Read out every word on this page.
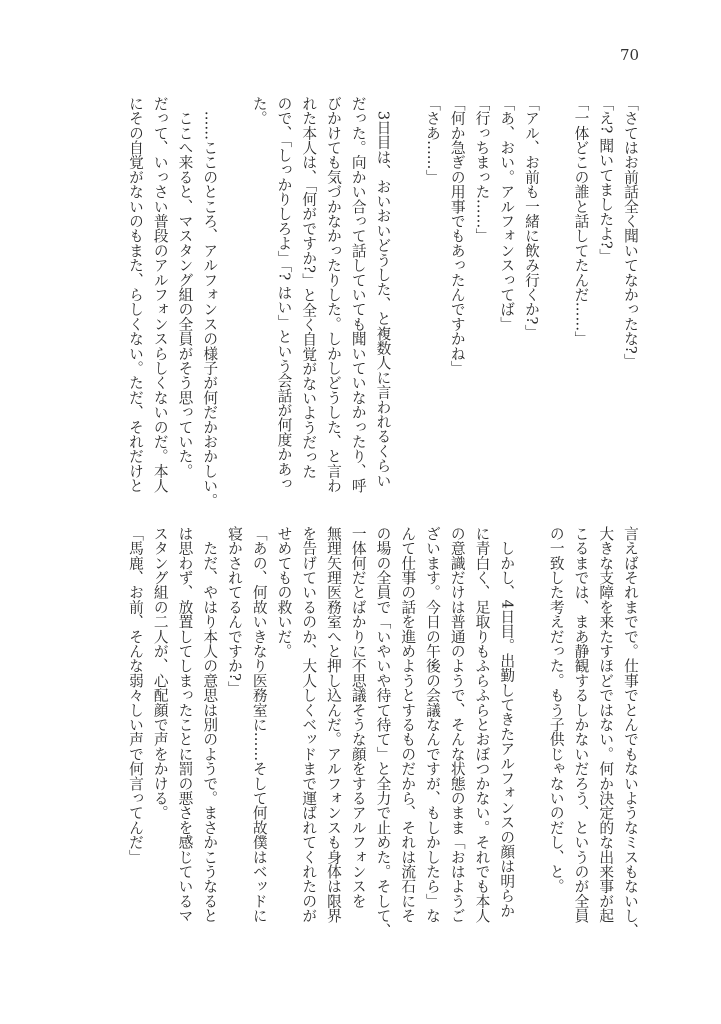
70
「さてはお前話全く聞いてなかったな?」
「え? 聞いてましたよ?」
「一体どこの誰と話してたんだ……」
「アル、お前も一緒に飲み行くか?」
「あ、おい。アルフォンスってば」
「行っちまった……」
「何か急ぎの用事でもあったんですかね」
「さあ……」
　3日目は、おいおいどうした、と複数人に言われるくらい
だった。向かい合って話していても聞いていなかったり、呼
びかけても気づかなかったりした。しかしどうした、と言わ
れた本人は、「何がですか?」と全く自覚がないようだった
ので、「しっかりしろよ」「? はい」という会話が何度かあっ
た。
　……ここのところ、アルフォンスの様子が何だかおかしい。
　ここへ来ると、マスタング組の全員がそう思っていた。
だって、いっさい普段のアルフォンスらしくないのだ。本人
にその自覚がないのもまた、らしくない。ただ、それだけと
言えばそれまでで。仕事でとんでもないようなミスもないし、
大きな支障を来たすほどではない。何か決定的な出来事が起
こるまでは、まあ静観するしかないだろう、というのが全員
の一致した考えだった。もう子供じゃないのだし、と。
　しかし、4日目。出勤してきたアルフォンスの顔は明らか
に青白く、足取りもふらふらとおぼつかない。それでも本人
の意識だけは普通のようで、そんな状態のまま「おはようご
ざいます。今日の午後の会議なんですが、もしかしたら」な
んて仕事の話を進めようとするものだから、それは流石にそ
の場の全員で「いやいや待て待て」と全力で止めた。そして、
一体何だとばかりに不思議そうな顔をするアルフォンスを
無理矢理医務室へと押し込んだ。アルフォンスも身体は限界
を告げているのか、大人しくベッドまで運ばれてくれたのが
せめてもの救いだ。
「あの、何故いきなり医務室に……そして何故僕はベッドに
寝かされてるんですか?」
　ただ、やはり本人の意思は別のようで。まさかこうなると
は思わず、放置してしまったことに罰の悪さを感じているマ
スタング組の二人が、心配顔で声をかける。
「馬鹿、お前、そんな弱々しい声で何言ってんだ」
